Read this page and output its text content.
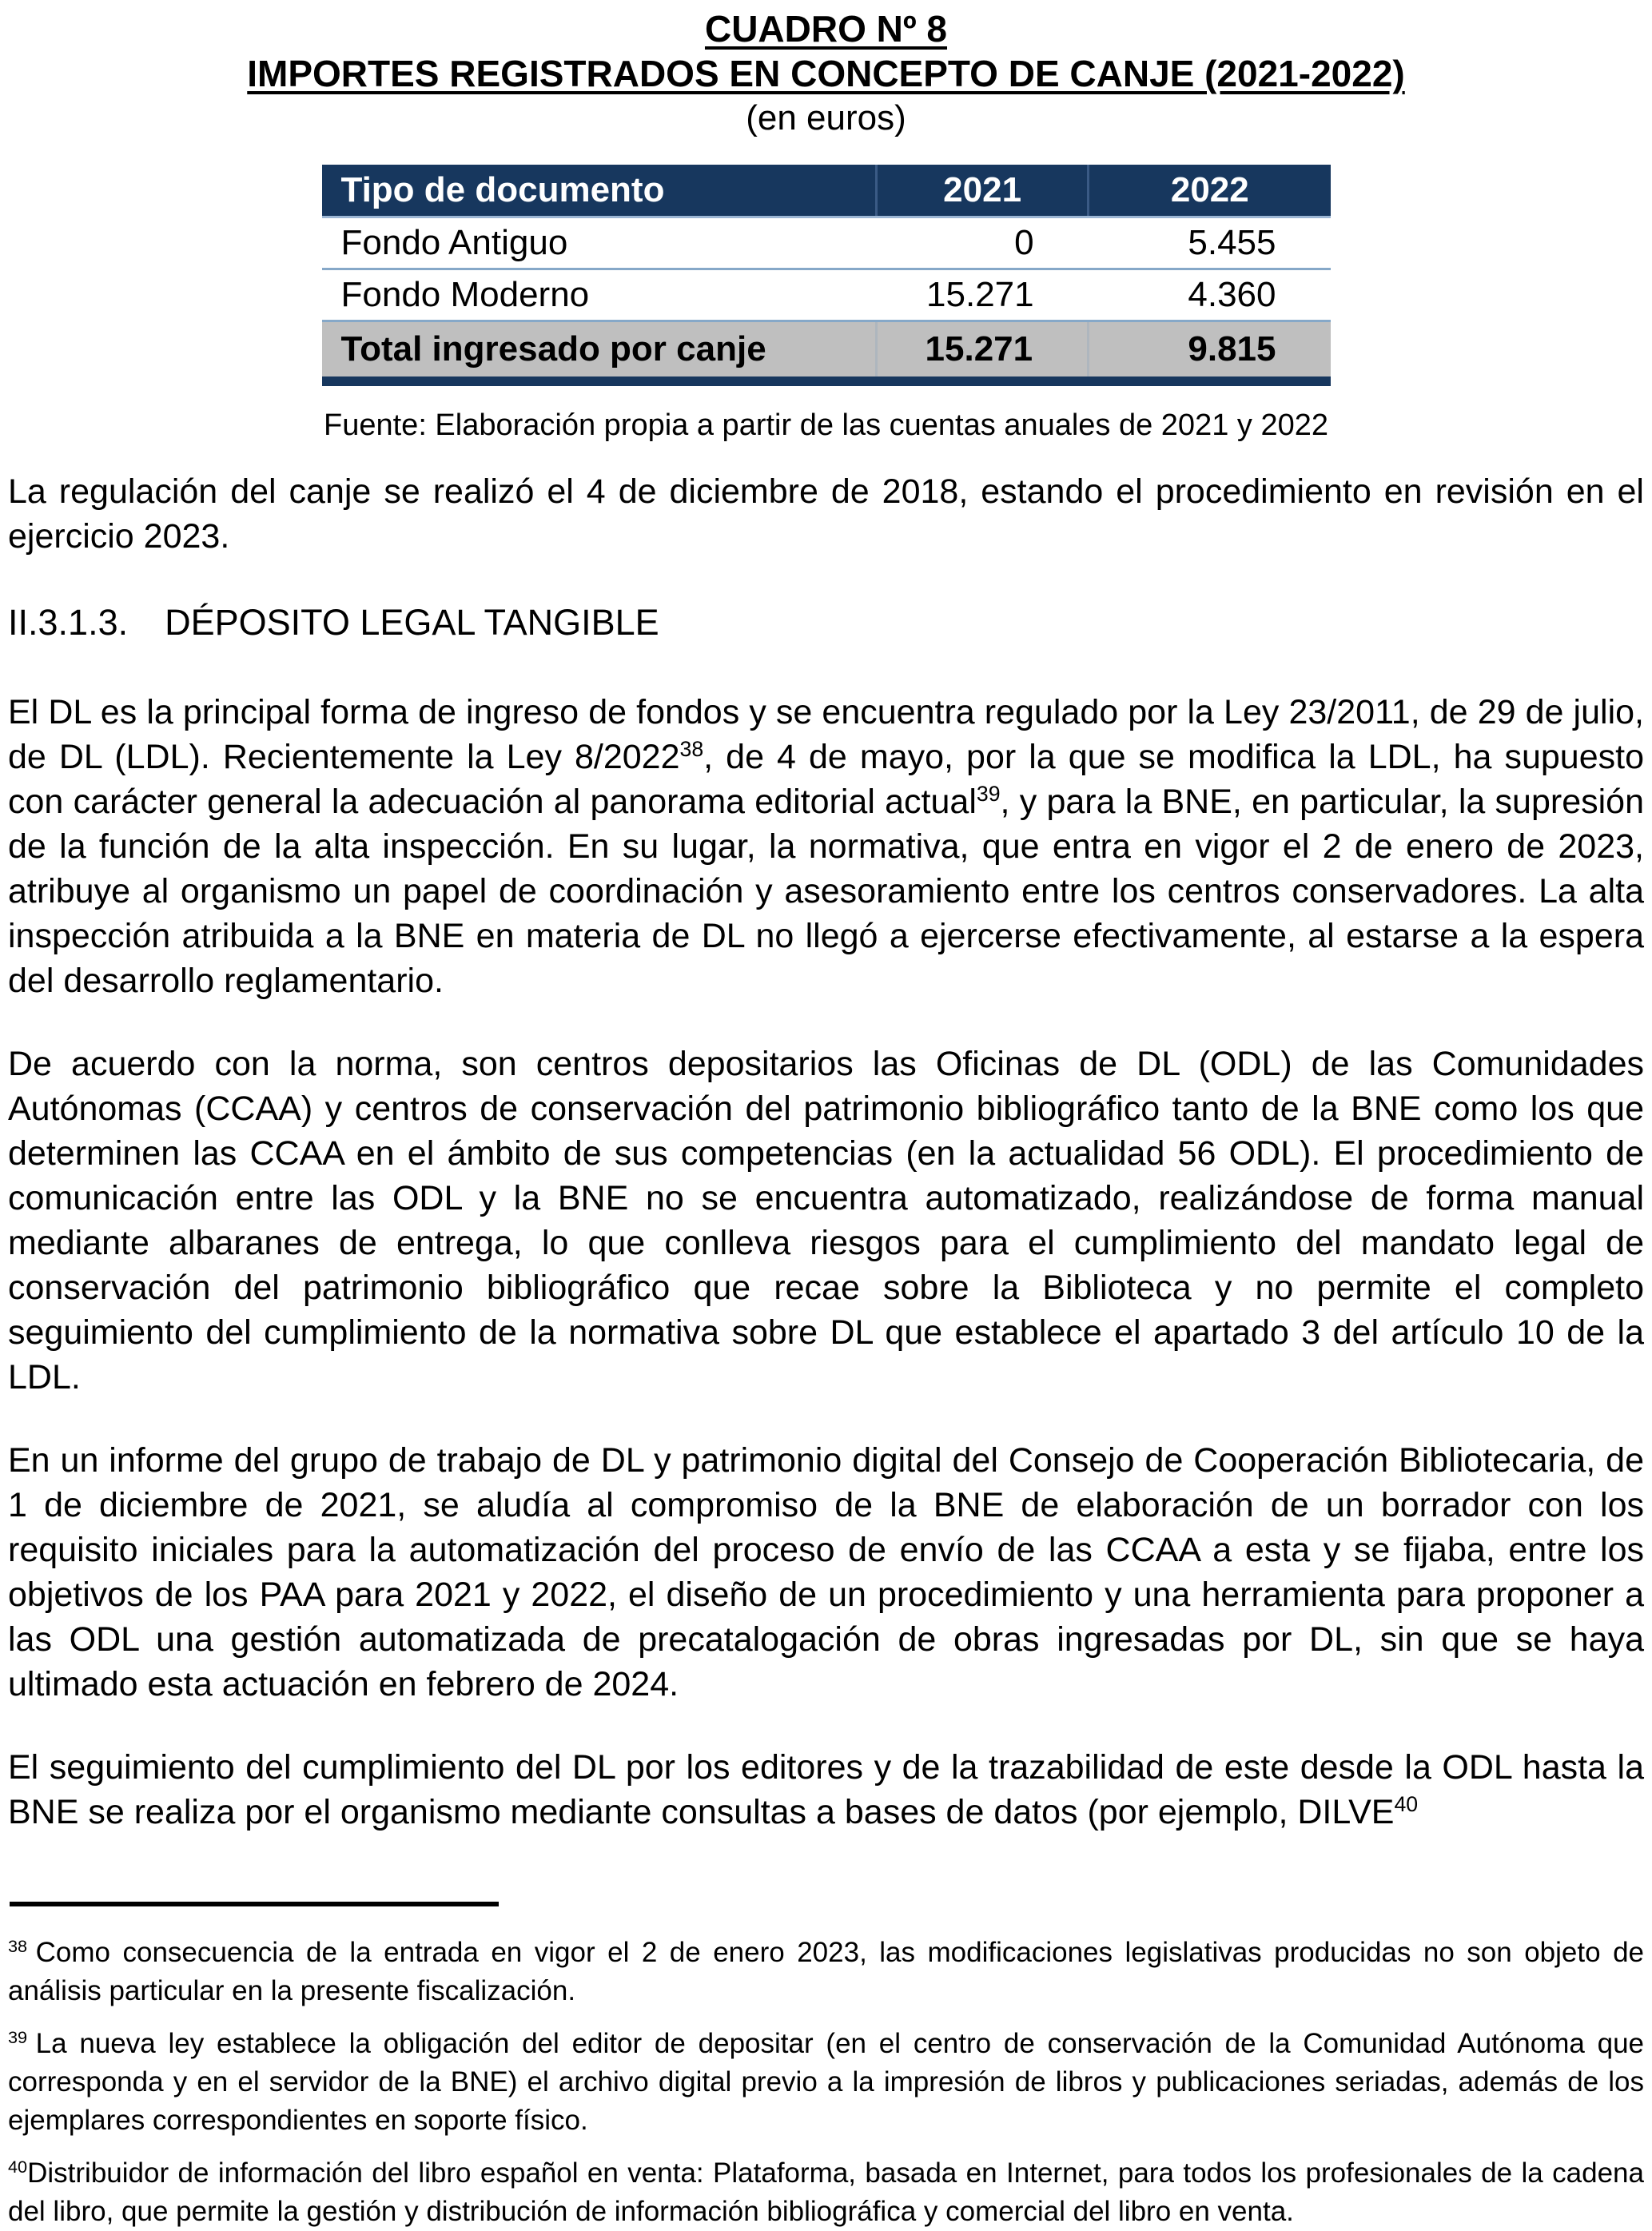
CUADRO Nº 8
IMPORTES REGISTRADOS EN CONCEPTO DE CANJE (2021-2022)
(en euros)
Tipo de documento	2021	2022
Fondo Antiguo	0	5.455
Fondo Moderno	15.271	4.360
Total ingresado por canje	15.271	9.815
Fuente: Elaboración propia a partir de las cuentas anuales de 2021 y 2022

La regulación del canje se realizó el 4 de diciembre de 2018, estando el procedimiento en revisión en el ejercicio 2023.

II.3.1.3. DÉPOSITO LEGAL TANGIBLE

El DL es la principal forma de ingreso de fondos y se encuentra regulado por la Ley 23/2011, de 29 de julio, de DL (LDL). Recientemente la Ley 8/2022$^{38}$, de 4 de mayo, por la que se modifica la LDL, ha supuesto con carácter general la adecuación al panorama editorial actual$^{39}$, y para la BNE, en particular, la supresión de la función de la alta inspección. En su lugar, la normativa, que entra en vigor el 2 de enero de 2023, atribuye al organismo un papel de coordinación y asesoramiento entre los centros conservadores. La alta inspección atribuida a la BNE en materia de DL no llegó a ejercerse efectivamente, al estarse a la espera del desarrollo reglamentario.

De acuerdo con la norma, son centros depositarios las Oficinas de DL (ODL) de las Comunidades Autónomas (CCAA) y centros de conservación del patrimonio bibliográfico tanto de la BNE como los que determinen las CCAA en el ámbito de sus competencias (en la actualidad 56 ODL). El procedimiento de comunicación entre las ODL y la BNE no se encuentra automatizado, realizándose de forma manual mediante albaranes de entrega, lo que conlleva riesgos para el cumplimiento del mandato legal de conservación del patrimonio bibliográfico que recae sobre la Biblioteca y no permite el completo seguimiento del cumplimiento de la normativa sobre DL que establece el apartado 3 del artículo 10 de la LDL.

En un informe del grupo de trabajo de DL y patrimonio digital del Consejo de Cooperación Bibliotecaria, de 1 de diciembre de 2021, se aludía al compromiso de la BNE de elaboración de un borrador con los requisito iniciales para la automatización del proceso de envío de las CCAA a esta y se fijaba, entre los objetivos de los PAA para 2021 y 2022, el diseño de un procedimiento y una herramienta para proponer a las ODL una gestión automatizada de precatalogación de obras ingresadas por DL, sin que se haya ultimado esta actuación en febrero de 2024.

El seguimiento del cumplimiento del DL por los editores y de la trazabilidad de este desde la ODL hasta la BNE se realiza por el organismo mediante consultas a bases de datos (por ejemplo, DILVE$^{40}$

$^{38}$ Como consecuencia de la entrada en vigor el 2 de enero 2023, las modificaciones legislativas producidas no son objeto de análisis particular en la presente fiscalización.

$^{39}$ La nueva ley establece la obligación del editor de depositar (en el centro de conservación de la Comunidad Autónoma que corresponda y en el servidor de la BNE) el archivo digital previo a la impresión de libros y publicaciones seriadas, además de los ejemplares correspondientes en soporte físico.

$^{40}$Distribuidor de información del libro español en venta: Plataforma, basada en Internet, para todos los profesionales de la cadena del libro, que permite la gestión y distribución de información bibliográfica y comercial del libro en venta.
